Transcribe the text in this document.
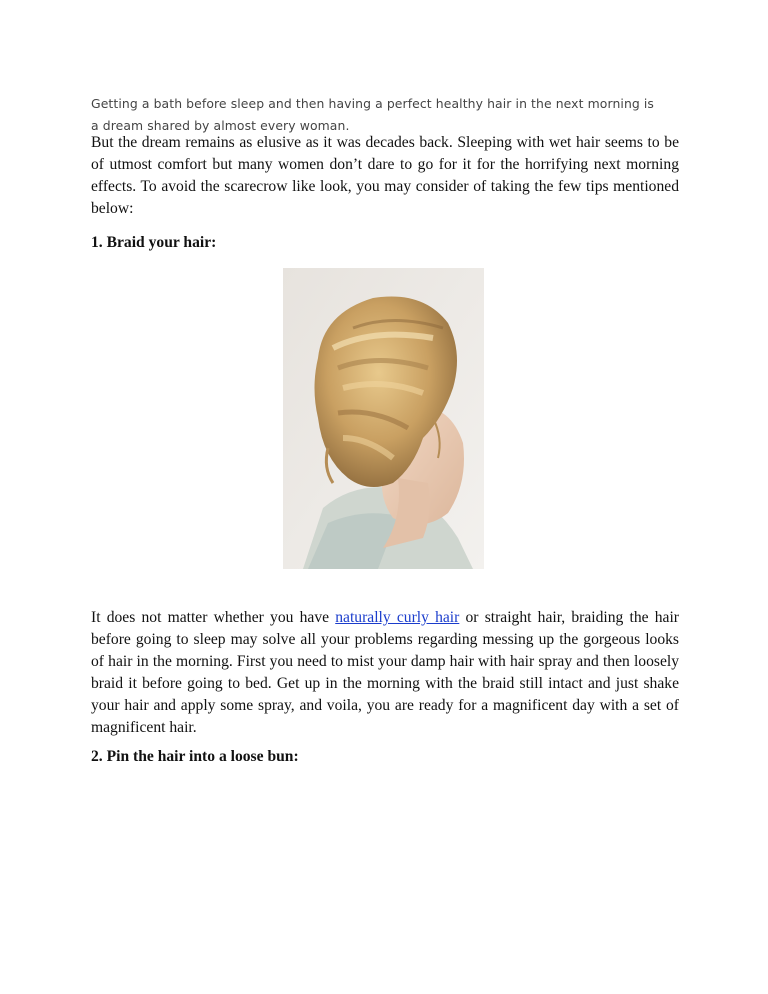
Getting a bath before sleep and then having a perfect healthy hair in the next morning is
a dream shared by almost every woman.

But the dream remains as elusive as it was decades back. Sleeping with wet hair seems to be of utmost comfort but many women don’t dare to go for it for the horrifying next morning effects. To avoid the scarecrow like look, you may consider of taking the few tips mentioned below:

1. Braid your hair:

It does not matter whether you have naturally curly hair or straight hair, braiding the hair before going to sleep may solve all your problems regarding messing up the gorgeous looks of hair in the morning. First you need to mist your damp hair with hair spray and then loosely braid it before going to bed. Get up in the morning with the braid still intact and just shake your hair and apply some spray, and voila, you are ready for a magnificent day with a set of magnificent hair.

2. Pin the hair into a loose bun:
